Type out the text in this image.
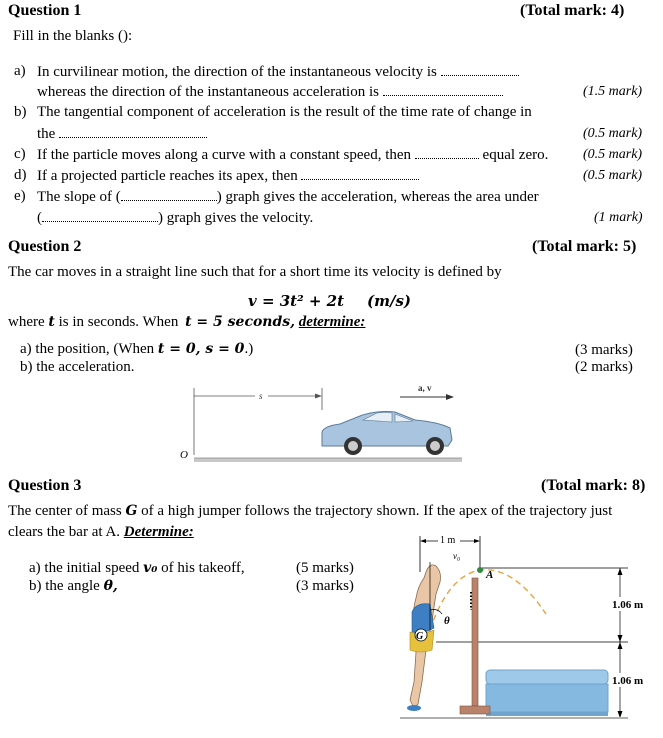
Question 1	(Total mark: 4)
Fill in the blanks ():
a) In curvilinear motion, the direction of the instantaneous velocity is
whereas the direction of the instantaneous acceleration is	(1.5 mark)
b) The tangential component of acceleration is the result of the time rate of change in
the	(0.5 mark)
c) If the particle moves along a curve with a constant speed, then	equal zero. (0.5 mark)
d) If a projected particle reaches its apex, then	(0.5 mark)
e) The slope of (	) graph gives the acceleration, whereas the area under
(	) graph gives the velocity.	(1 mark)
Question 2	(Total mark: 5)
The car moves in a straight line such that for a short time its velocity is defined by
v = 3t² + 2t (m/s)
where t is in seconds. When t = 5 seconds, determine:
a) the position, (When t = 0, s = 0.)	(3 marks)
b) the acceleration.	(2 marks)
s
a, v
O
Question 3	(Total mark: 8)
The center of mass G of a high jumper follows the trajectory shown. If the apex of the trajectory just
clears the bar at A. Determine:
a) the initial speed v₀ of his takeoff,	(5 marks)
b) the angle θ,	(3 marks)
1 m
v₀
1.06 m
1.06 m
A
θ
G
